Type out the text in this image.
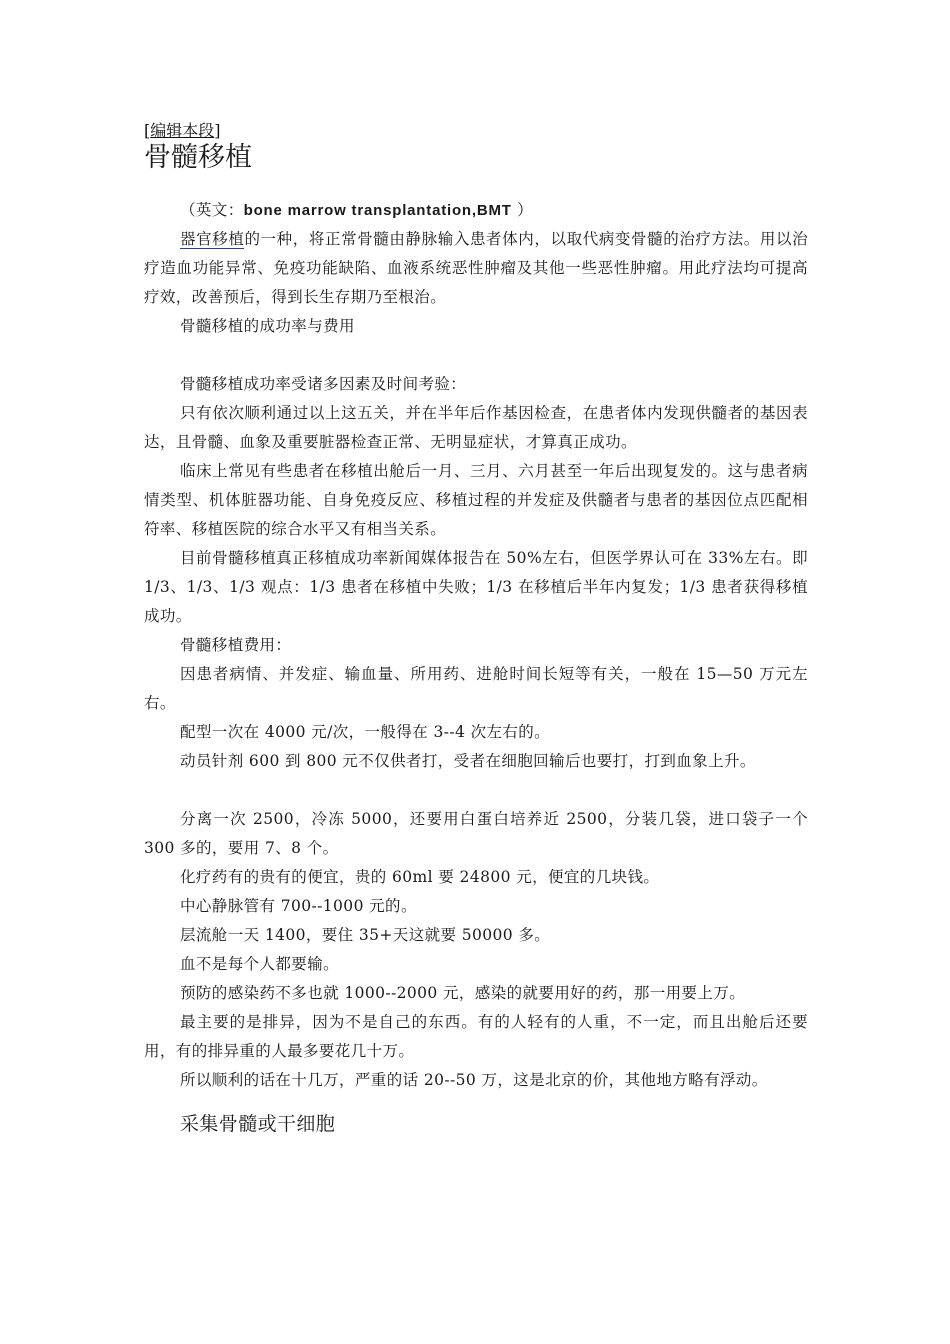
[编辑本段]
骨髓移植

（英文：bone marrow transplantation,BMT ）

器官移植的一种，将正常骨髓由静脉输入患者体内，以取代病变骨髓的治疗方法。用以治疗造血功能异常、免疫功能缺陷、血液系统恶性肿瘤及其他一些恶性肿瘤。用此疗法均可提高疗效，改善预后，得到长生存期乃至根治。

骨髓移植的成功率与费用

骨髓移植成功率受诸多因素及时间考验：

只有依次顺利通过以上这五关，并在半年后作基因检查，在患者体内发现供髓者的基因表达，且骨髓、血象及重要脏器检查正常、无明显症状，才算真正成功。

临床上常见有些患者在移植出舱后一月、三月、六月甚至一年后出现复发的。这与患者病情类型、机体脏器功能、自身免疫反应、移植过程的并发症及供髓者与患者的基因位点匹配相符率、移植医院的综合水平又有相当关系。

目前骨髓移植真正移植成功率新闻媒体报告在 50%左右，但医学界认可在 33%左右。即 1/3、1/3、1/3 观点：1/3 患者在移植中失败；1/3 在移植后半年内复发；1/3 患者获得移植成功。

骨髓移植费用：

因患者病情、并发症、输血量、所用药、进舱时间长短等有关，一般在 15—50 万元左右。

配型一次在 4000 元/次，一般得在 3--4 次左右的。

动员针剂 600 到 800 元不仅供者打，受者在细胞回输后也要打，打到血象上升。

分离一次 2500，冷冻 5000，还要用白蛋白培养近 2500，分装几袋，进口袋子一个 300 多的，要用 7、8 个。

化疗药有的贵有的便宜，贵的 60ml 要 24800 元，便宜的几块钱。

中心静脉管有 700--1000 元的。

层流舱一天 1400，要住 35+天这就要 50000 多。

血不是每个人都要输。

预防的感染药不多也就 1000--2000 元，感染的就要用好的药，那一用要上万。

最主要的是排异，因为不是自己的东西。有的人轻有的人重，不一定，而且出舱后还要用，有的排异重的人最多要花几十万。

所以顺利的话在十几万，严重的话 20--50 万，这是北京的价，其他地方略有浮动。

采集骨髓或干细胞
